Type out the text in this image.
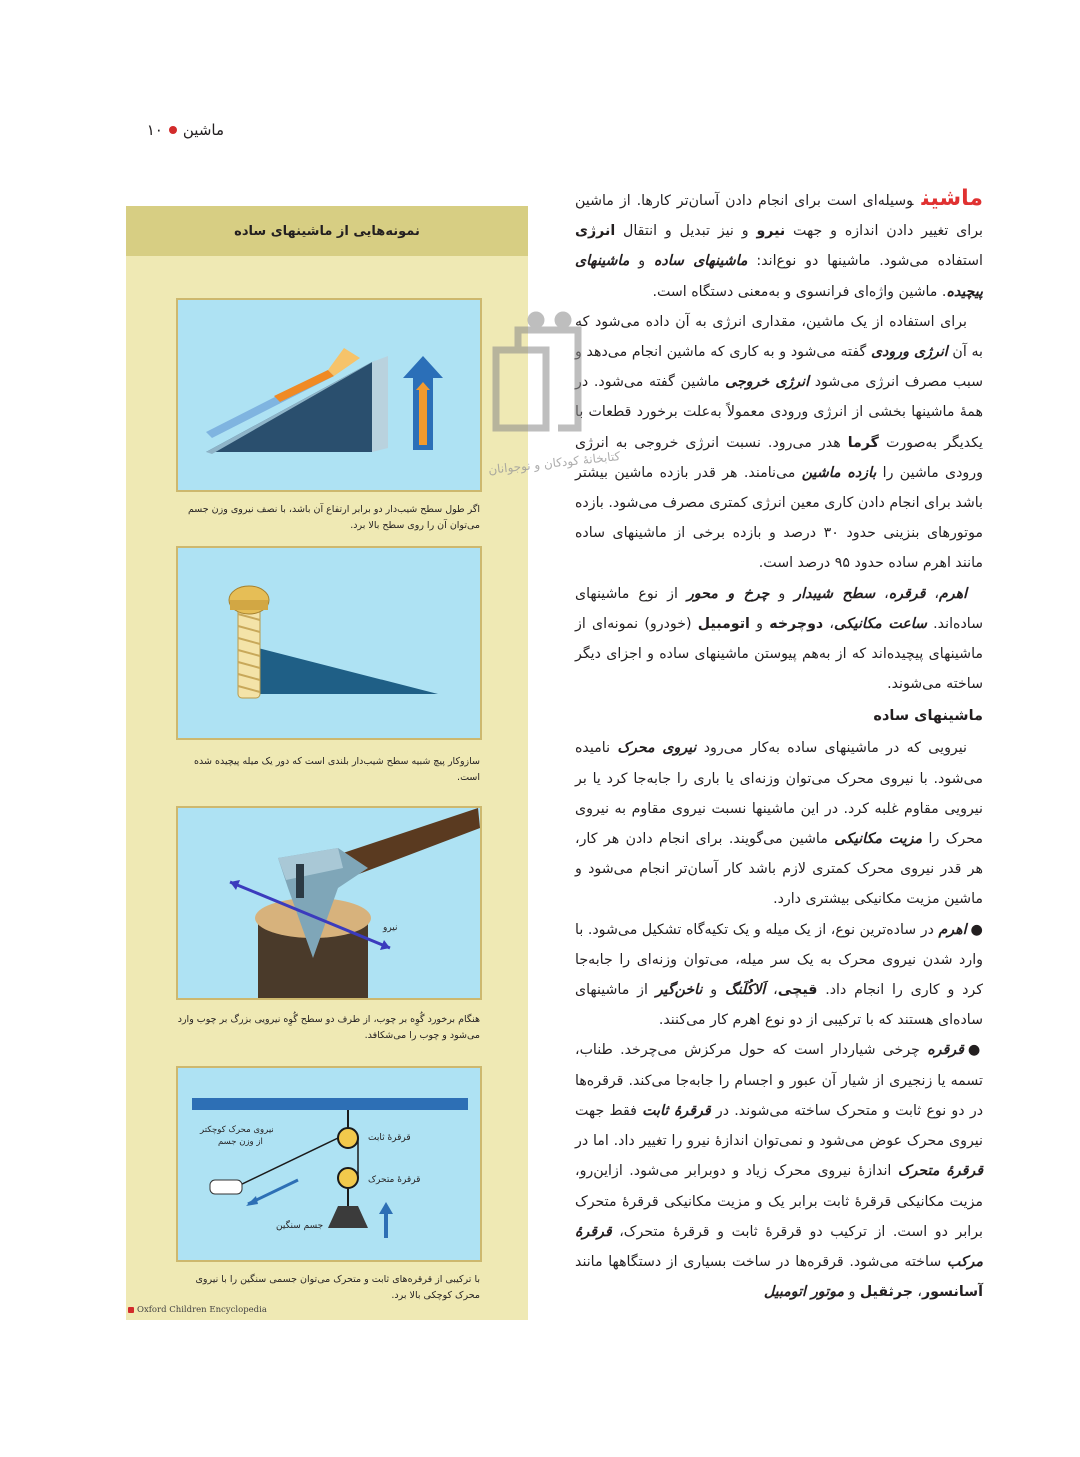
ماشین
۱۰

ماشینوسیله‌ای است برای انجام دادن آسان‌تر کارها. از ماشین برای تغییر دادن اندازه و جهت نیرو و نیز تبدیل و انتقال انرژی استفاده می‌شود. ماشینها دو نوع‌اند: ماشینهای ساده و ماشینهای پیچیده. ماشین واژه‌ای فرانسوی و به‌معنی دستگاه است.

برای استفاده از یک ماشین، مقداری انرژی به آن داده می‌شود که به آن انرژی ورودی گفته می‌شود و به کاری که ماشین انجام می‌دهد و سبب مصرف انرژی می‌شود انرژی خروجی ماشین گفته می‌شود. در همهٔ ماشینها بخشی از انرژی ورودی معمولاً به‌علت برخورد قطعات با یکدیگر به‌صورت گرما هدر می‌رود. نسبت انرژی خروجی به انرژی ورودی ماشین را بازده ماشین می‌نامند. هر قدر بازده ماشین بیشتر باشد برای انجام دادن کاری معین انرژی کمتری مصرف می‌شود. بازده موتورهای بنزینی حدود ۳۰ درصد و بازده برخی از ماشینهای ساده مانند اهرم ساده حدود ۹۵ درصد است.

اهرم، قرقره، سطح شیبدار و چرخ و محور از نوع ماشینهای ساده‌اند. ساعت مکانیکی، دوچرخه و اتومبیل (خودرو) نمونه‌ای از ماشینهای پیچیده‌اند که از به‌هم پیوستن ماشینهای ساده و اجزای دیگر ساخته می‌شوند.

ماشینهای ساده

نیرویی که در ماشینهای ساده به‌کار می‌رود نیروی محرک نامیده می‌شود. با نیروی محرک می‌توان وزنه‌ای یا باری را جابه‌جا کرد یا بر نیرویی مقاوم غلبه کرد. در این ماشینها نسبت نیروی مقاوم به نیروی محرک را مزیت مکانیکی ماشین می‌گویند. برای انجام دادن هر کار، هر قدر نیروی محرک کمتری لازم باشد کار آسان‌تر انجام می‌شود و ماشین مزیت مکانیکی بیشتری دارد.

●اهرم در ساده‌ترین نوع، از یک میله و یک تکیه‌گاه تشکیل می‌شود. با وارد شدن نیروی محرک به یک سر میله، می‌توان وزنه‌ای را جابه‌جا کرد و کاری را انجام داد. قیچی، اَلاکُلَنگ و ناخن‌گیر از ماشینهای ساده‌ای هستند که با ترکیبی از دو نوع اهرم کار می‌کنند.

●قرقره چرخی شیاردار است که حول مرکزش می‌چرخد. طناب، تسمه یا زنجیری از شیار آن عبور و اجسام را جابه‌جا می‌کند. قرقره‌ها در دو نوع ثابت و متحرک ساخته می‌شوند. در قرقرهٔ ثابت فقط جهت نیروی محرک عوض می‌شود و نمی‌توان اندازهٔ نیرو را تغییر داد. اما در قرقرهٔ متحرک اندازهٔ نیروی محرک زیاد و دوبرابر می‌شود. ازاین‌رو، مزیت مکانیکی قرقرهٔ ثابت برابر یک و مزیت مکانیکی قرقرهٔ متحرک برابر دو است. از ترکیب دو قرقرهٔ ثابت و قرقرهٔ متحرک، قرقرهٔ مرکب ساخته می‌شود. قرقره‌ها در ساخت بسیاری از دستگاهها مانند آسانسور، جرثقیل و موتور اتومبیل

نمونه‌هایی از ماشینهای ساده
اگر طول سطح شیب‌دار دو برابر ارتفاع آن باشد، با نصف نیروی وزن جسم می‌توان آن را روی سطح بالا برد.
سازوکار پیچ شبیه سطح شیب‌دار بلندی است که دور یک میله پیچیده شده است.
نیرو
هنگام برخورد گُوِه بر چوب، از طرف دو سطح گُوِه نیرویی بزرگ بر چوب وارد می‌شود و چوب را می‌شکافد.
قرقرهٔ ثابت
قرقرهٔ متحرک
جسم سنگین
نیروی محرک کوچکتر
از وزن جسم
با ترکیبی از قرقره‌های ثابت و متحرک می‌توان جسمی سنگین را با نیروی محرک کوچکی بالا برد.
Oxford Children Encyclopedia
کتابخانهٔ کودکان و نوجوانان
